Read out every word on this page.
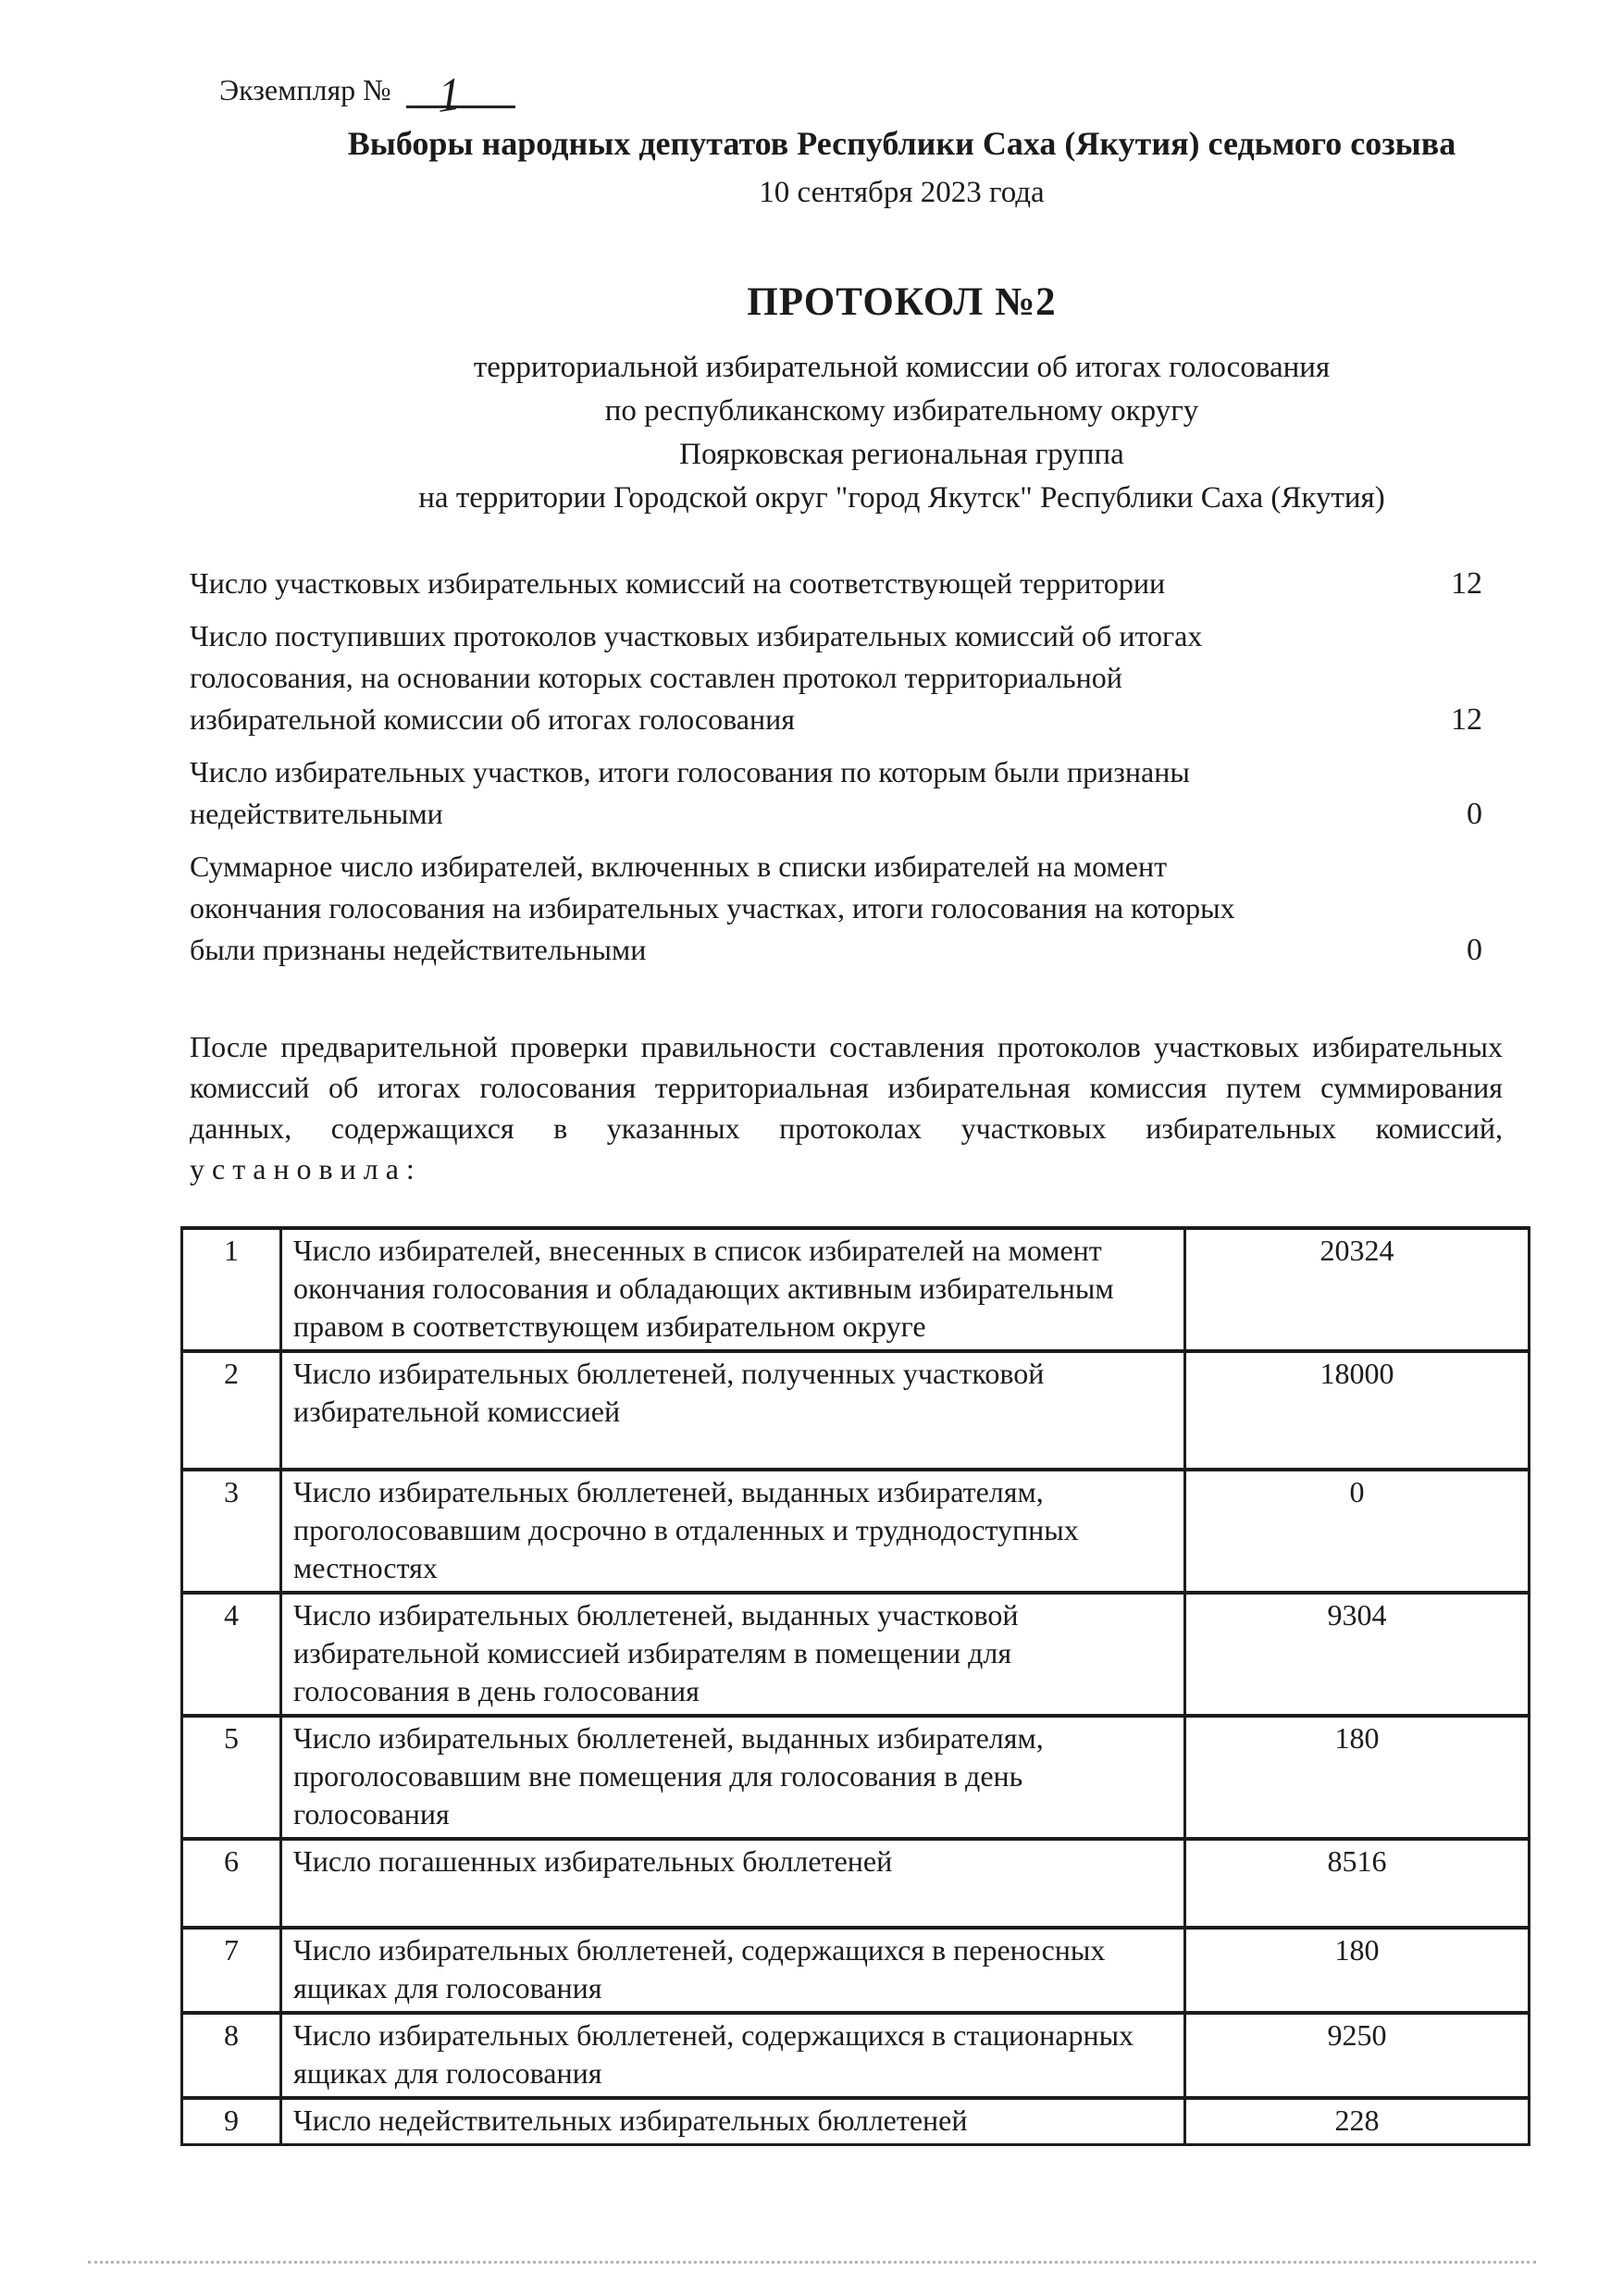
Экземпляр № 1
Выборы народных депутатов Республики Саха (Якутия) седьмого созыва
10 сентября 2023 года
ПРОТОКОЛ №2
территориальной избирательной комиссии об итогах голосования
по республиканскому избирательному округу
Поярковская региональная группа
на территории Городской округ "город Якутск" Республики Саха (Якутия)
Число участковых избирательных комиссий на соответствующей территории	12
Число поступивших протоколов участковых избирательных комиссий об итогах голосования, на основании которых составлен протокол территориальной избирательной комиссии об итогах голосования	12
Число избирательных участков, итоги голосования по которым были признаны недействительными	0
Суммарное число избирателей, включенных в списки избирателей на момент окончания голосования на избирательных участках, итоги голосования на которых были признаны недействительными	0

После предварительной проверки правильности составления протоколов участковых избирательных комиссий об итогах голосования территориальная избирательная комиссия путем суммирования данных, содержащихся в указанных протоколах участковых избирательных комиссий, у с т а н о в и л а :

1	Число избирателей, внесенных в список избирателей на момент окончания голосования и обладающих активным избирательным правом в соответствующем избирательном округе	20324
2	Число избирательных бюллетеней, полученных участковой избирательной комиссией	18000
3	Число избирательных бюллетеней, выданных избирателям, проголосовавшим досрочно в отдаленных и труднодоступных местностях	0
4	Число избирательных бюллетеней, выданных участковой избирательной комиссией избирателям в помещении для голосования в день голосования	9304
5	Число избирательных бюллетеней, выданных избирателям, проголосовавшим вне помещения для голосования в день голосования	180
6	Число погашенных избирательных бюллетеней	8516
7	Число избирательных бюллетеней, содержащихся в переносных ящиках для голосования	180
8	Число избирательных бюллетеней, содержащихся в стационарных ящиках для голосования	9250
9	Число недействительных избирательных бюллетеней	228
